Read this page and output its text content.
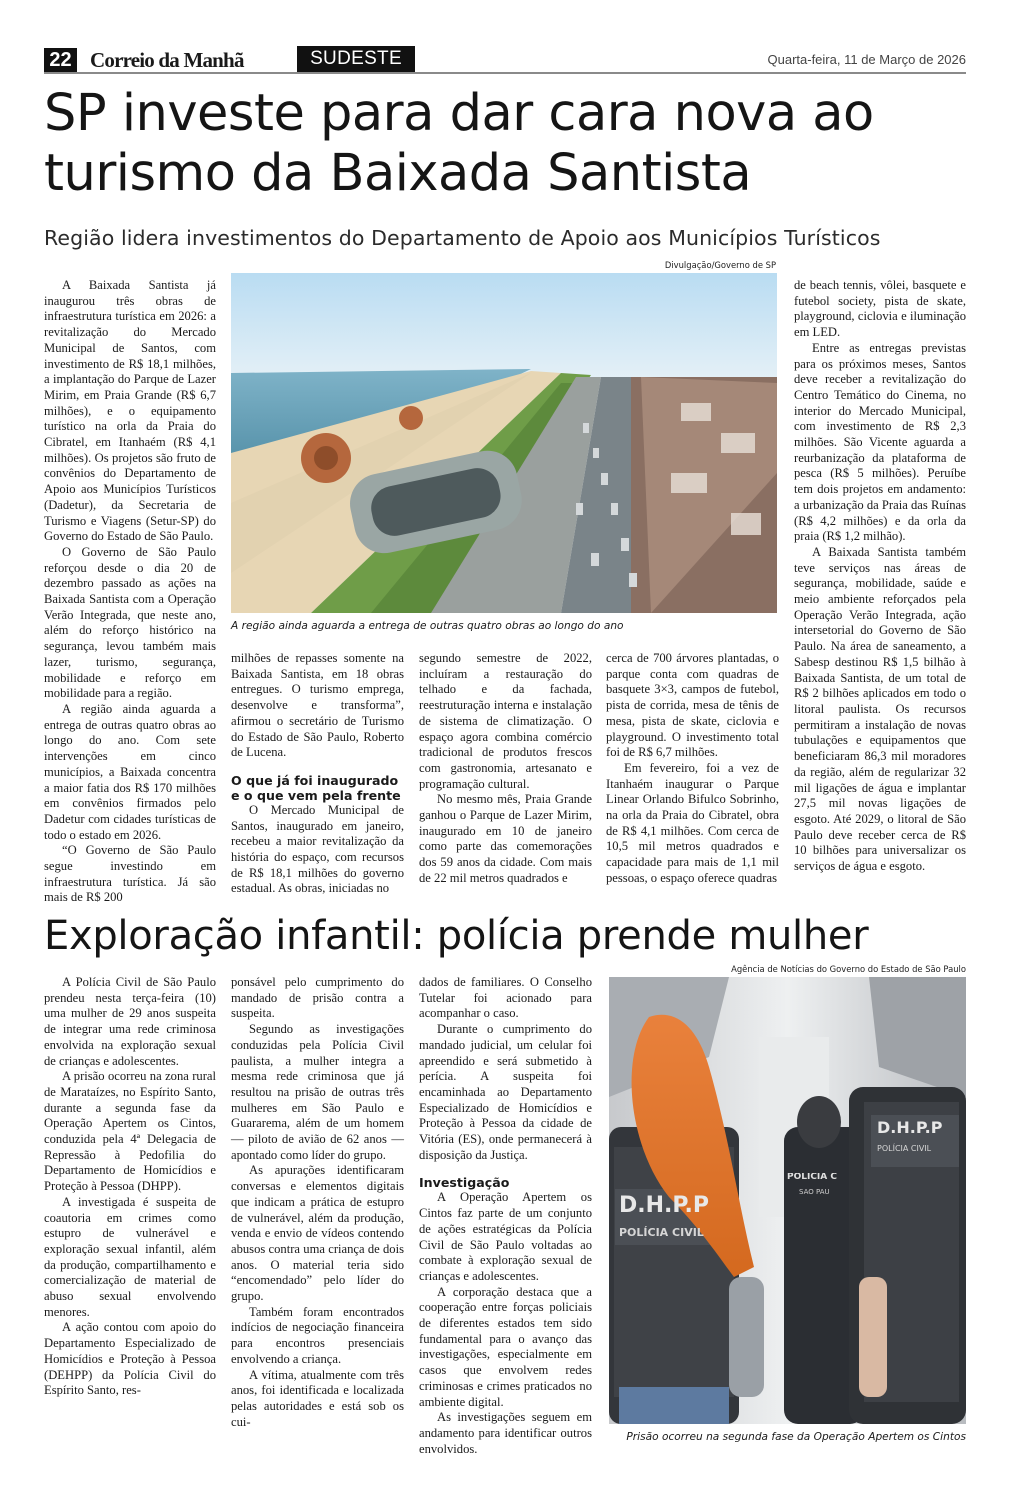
22 Correio da Manhã	SUDESTE	Quarta-feira, 11 de Março de 2026
SP investe para dar cara nova ao turismo da Baixada Santista
Região lidera investimentos do Departamento de Apoio aos Municípios Turísticos

A Baixada Santista já inaugurou três obras de infraestrutura turística em 2026: a revitalização do Mercado Municipal de Santos, com investimento de R$ 18,1 milhões, a implantação do Parque de Lazer Mirim, em Praia Grande (R$ 6,7 milhões), e o equipamento turístico na orla da Praia do Cibratel, em Itanhaém (R$ 4,1 milhões). Os projetos são fruto de convênios do Departamento de Apoio aos Municípios Turísticos (Dadetur), da Secretaria de Turismo e Viagens (Setur-SP) do Governo do Estado de São Paulo.

O Governo de São Paulo reforçou desde o dia 20 de dezembro passado as ações na Baixada Santista com a Operação Verão Integrada, que neste ano, além do reforço histórico na segurança, levou também mais lazer, turismo, segurança, mobilidade e reforço em mobilidade para a região.

A região ainda aguarda a entrega de outras quatro obras ao longo do ano. Com sete intervenções em cinco municípios, a Baixada concentra a maior fatia dos R$ 170 milhões em convênios firmados pelo Dadetur com cidades turísticas de todo o estado em 2026.

“O Governo de São Paulo segue investindo em infraestrutura turística. Já são mais de R$ 200

Divulgação/Governo de SP
A região ainda aguarda a entrega de outras quatro obras ao longo do ano

milhões de repasses somente na Baixada Santista, em 18 obras entregues. O turismo emprega, desenvolve e transforma”, afirmou o secretário de Turismo do Estado de São Paulo, Roberto de Lucena.

O que já foi inaugurado e o que vem pela frente

O Mercado Municipal de Santos, inaugurado em janeiro, recebeu a maior revitalização da história do espaço, com recursos de R$ 18,1 milhões do governo estadual. As obras, iniciadas no

segundo semestre de 2022, incluíram a restauração do telhado e da fachada, reestruturação interna e instalação de sistema de climatização. O espaço agora combina comércio tradicional de produtos frescos com gastronomia, artesanato e programação cultural.

No mesmo mês, Praia Grande ganhou o Parque de Lazer Mirim, inaugurado em 10 de janeiro como parte das comemorações dos 59 anos da cidade. Com mais de 22 mil metros quadrados e

cerca de 700 árvores plantadas, o parque conta com quadras de basquete 3×3, campos de futebol, pista de corrida, mesa de tênis de mesa, pista de skate, ciclovia e playground. O investimento total foi de R$ 6,7 milhões.

Em fevereiro, foi a vez de Itanhaém inaugurar o Parque Linear Orlando Bifulco Sobrinho, na orla da Praia do Cibratel, obra de R$ 4,1 milhões. Com cerca de 10,5 mil metros quadrados e capacidade para mais de 1,1 mil pessoas, o espaço oferece quadras

de beach tennis, vôlei, basquete e futebol society, pista de skate, playground, ciclovia e iluminação em LED.

Entre as entregas previstas para os próximos meses, Santos deve receber a revitalização do Centro Temático do Cinema, no interior do Mercado Municipal, com investimento de R$ 2,3 milhões. São Vicente aguarda a reurbanização da plataforma de pesca (R$ 5 milhões). Peruíbe tem dois projetos em andamento: a urbanização da Praia das Ruínas (R$ 4,2 milhões) e da orla da praia (R$ 1,2 milhão).

A Baixada Santista também teve serviços nas áreas de segurança, mobilidade, saúde e meio ambiente reforçados pela Operação Verão Integrada, ação intersetorial do Governo de São Paulo. Na área de saneamento, a Sabesp destinou R$ 1,5 bilhão à Baixada Santista, de um total de R$ 2 bilhões aplicados em todo o litoral paulista. Os recursos permitiram a instalação de novas tubulações e equipamentos que beneficiaram 86,3 mil moradores da região, além de regularizar 32 mil ligações de água e implantar 27,5 mil novas ligações de esgoto. Até 2029, o litoral de São Paulo deve receber cerca de R$ 10 bilhões para universalizar os serviços de água e esgoto.

Exploração infantil: polícia prende mulher

A Polícia Civil de São Paulo prendeu nesta terça-feira (10) uma mulher de 29 anos suspeita de integrar uma rede criminosa envolvida na exploração sexual de crianças e adolescentes.

A prisão ocorreu na zona rural de Marataízes, no Espírito Santo, durante a segunda fase da Operação Apertem os Cintos, conduzida pela 4ª Delegacia de Repressão à Pedofilia do Departamento de Homicídios e Proteção à Pessoa (DHPP).

A investigada é suspeita de coautoria em crimes como estupro de vulnerável e exploração sexual infantil, além da produção, compartilhamento e comercialização de material de abuso sexual envolvendo menores.

A ação contou com apoio do Departamento Especializado de Homicídios e Proteção à Pessoa (DEHPP) da Polícia Civil do Espírito Santo, res-

ponsável pelo cumprimento do mandado de prisão contra a suspeita.

Segundo as investigações conduzidas pela Polícia Civil paulista, a mulher integra a mesma rede criminosa que já resultou na prisão de outras três mulheres em São Paulo e Guararema, além de um homem — piloto de avião de 62 anos — apontado como líder do grupo.

As apurações identificaram conversas e elementos digitais que indicam a prática de estupro de vulnerável, além da produção, venda e envio de vídeos contendo abusos contra uma criança de dois anos. O material teria sido “encomendado” pelo líder do grupo.

Também foram encontrados indícios de negociação financeira para encontros presenciais envolvendo a criança.

A vítima, atualmente com três anos, foi identificada e localizada pelas autoridades e está sob os cui-

dados de familiares. O Conselho Tutelar foi acionado para acompanhar o caso.

Durante o cumprimento do mandado judicial, um celular foi apreendido e será submetido à perícia. A suspeita foi encaminhada ao Departamento Especializado de Homicídios e Proteção à Pessoa da cidade de Vitória (ES), onde permanecerá à disposição da Justiça.

Investigação

A Operação Apertem os Cintos faz parte de um conjunto de ações estratégicas da Polícia Civil de São Paulo voltadas ao combate à exploração sexual de crianças e adolescentes.

A corporação destaca que a cooperação entre forças policiais de diferentes estados tem sido fundamental para o avanço das investigações, especialmente em casos que envolvem redes criminosas e crimes praticados no ambiente digital.

As investigações seguem em andamento para identificar outros envolvidos.

Agência de Notícias do Governo do Estado de São Paulo
D.H.P.P
POLÍCIA CIVIL
POLÍCIA C
SÃO PAU
D.H.P.P
POLÍCIA CIVIL
Prisão ocorreu na segunda fase da Operação Apertem os Cintos
